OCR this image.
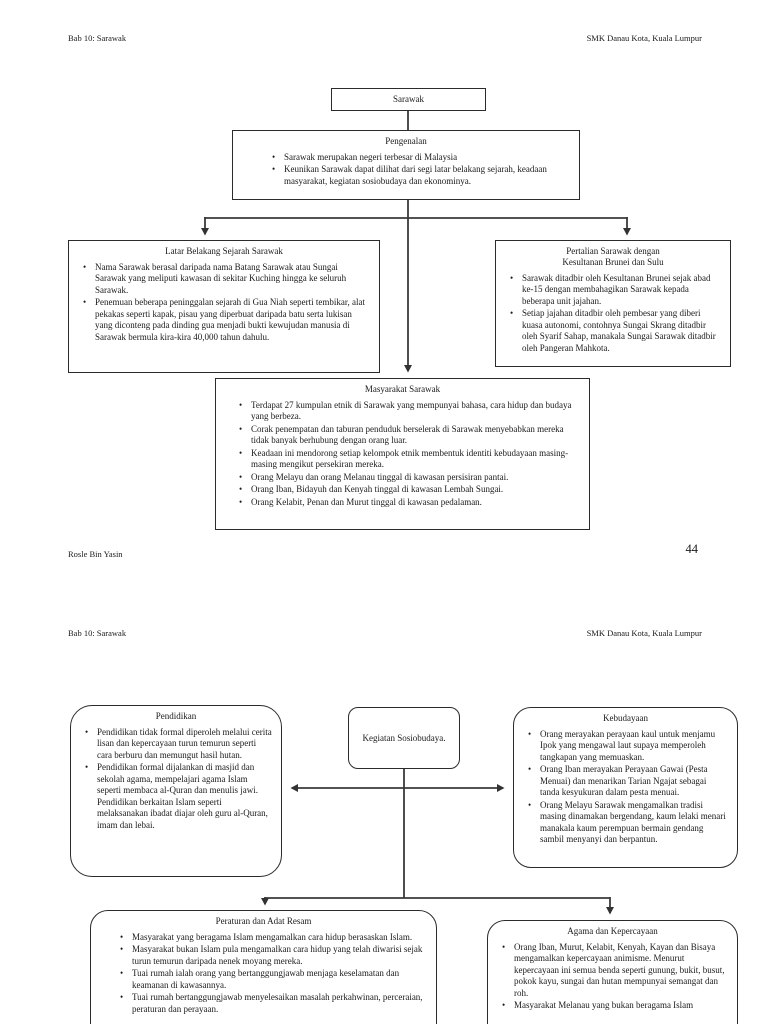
Bab 10: Sarawak	SMK Danau Kota, Kuala Lumpur
Sarawak
Pengenalan
• Sarawak merupakan negeri terbesar di Malaysia
• Keunikan Sarawak dapat dilihat dari segi latar belakang sejarah, keadaan masyarakat, kegiatan sosiobudaya dan ekonominya.
Latar Belakang Sejarah Sarawak
• Nama Sarawak berasal daripada nama Batang Sarawak atau Sungai Sarawak yang meliputi kawasan di sekitar Kuching hingga ke seluruh Sarawak.
• Penemuan beberapa peninggalan sejarah di Gua Niah seperti tembikar, alat pekakas seperti kapak, pisau yang diperbuat daripada batu serta lukisan yang diconteng pada dinding gua menjadi bukti kewujudan manusia di Sarawak bermula kira-kira 40,000 tahun dahulu.
Pertalian Sarawak dengan Kesultanan Brunei dan Sulu
• Sarawak ditadbir oleh Kesultanan Brunei sejak abad ke-15 dengan membahagikan Sarawak kepada beberapa unit jajahan.
• Setiap jajahan ditadbir oleh pembesar yang diberi kuasa autonomi, contohnya Sungai Skrang ditadbir oleh Syarif Sahap, manakala Sungai Sarawak ditadbir oleh Pangeran Mahkota.
Masyarakat Sarawak
• Terdapat 27 kumpulan etnik di Sarawak yang mempunyai bahasa, cara hidup dan budaya yang berbeza.
• Corak penempatan dan taburan penduduk berselerak di Sarawak menyebabkan mereka tidak banyak berhubung dengan orang luar.
• Keadaan ini mendorong setiap kelompok etnik membentuk identiti kebudayaan masing-masing mengikut persekiran mereka.
• Orang Melayu dan orang Melanau tinggal di kawasan persisiran pantai.
• Orang Iban, Bidayuh dan Kenyah tinggal di kawasan Lembah Sungai.
• Orang Kelabit, Penan dan Murut tinggal di kawasan pedalaman.
Rosle Bin Yasin	44
Bab 10: Sarawak	SMK Danau Kota, Kuala Lumpur
Pendidikan
• Pendidikan tidak formal diperoleh melalui cerita lisan dan kepercayaan turun temurun seperti cara berburu dan memungut hasil hutan.
• Pendidikan formal dijalankan di masjid dan sekolah agama, mempelajari agama Islam seperti membaca al-Quran dan menulis jawi. Pendidikan berkaitan Islam seperti melaksanakan ibadat diajar oleh guru al-Quran, imam dan lebai.
Kegiatan Sosiobudaya.
Kebudayaan
• Orang merayakan perayaan kaul untuk menjamu Ipok yang mengawal laut supaya memperoleh tangkapan yang memuaskan.
• Orang Iban merayakan Perayaan Gawai (Pesta Menuai) dan menarikan Tarian Ngajat sebagai tanda kesyukuran dalam pesta menuai.
• Orang Melayu Sarawak mengamalkan tradisi masing dinamakan bergendang, kaum lelaki menari manakala kaum perempuan bermain gendang sambil menyanyi dan berpantun.
Peraturan dan Adat Resam
• Masyarakat yang beragama Islam mengamalkan cara hidup berasaskan Islam.
• Masyarakat bukan Islam pula mengamalkan cara hidup yang telah diwarisi sejak turun temurun daripada nenek moyang mereka.
• Tuai rumah ialah orang yang bertanggungjawab menjaga keselamatan dan keamanan di kawasannya.
• Tuai rumah bertanggungjawab menyelesaikan masalah perkahwinan, perceraian, peraturan dan perayaan.
Agama dan Kepercayaan
• Orang Iban, Murut, Kelabit, Kenyah, Kayan dan Bisaya mengamalkan kepercayaan animisme. Menurut kepercayaan ini semua benda seperti gunung, bukit, busut, pokok kayu, sungai dan hutan mempunyai semangat dan roh.
• Masyarakat Melanau yang bukan beragama Islam
